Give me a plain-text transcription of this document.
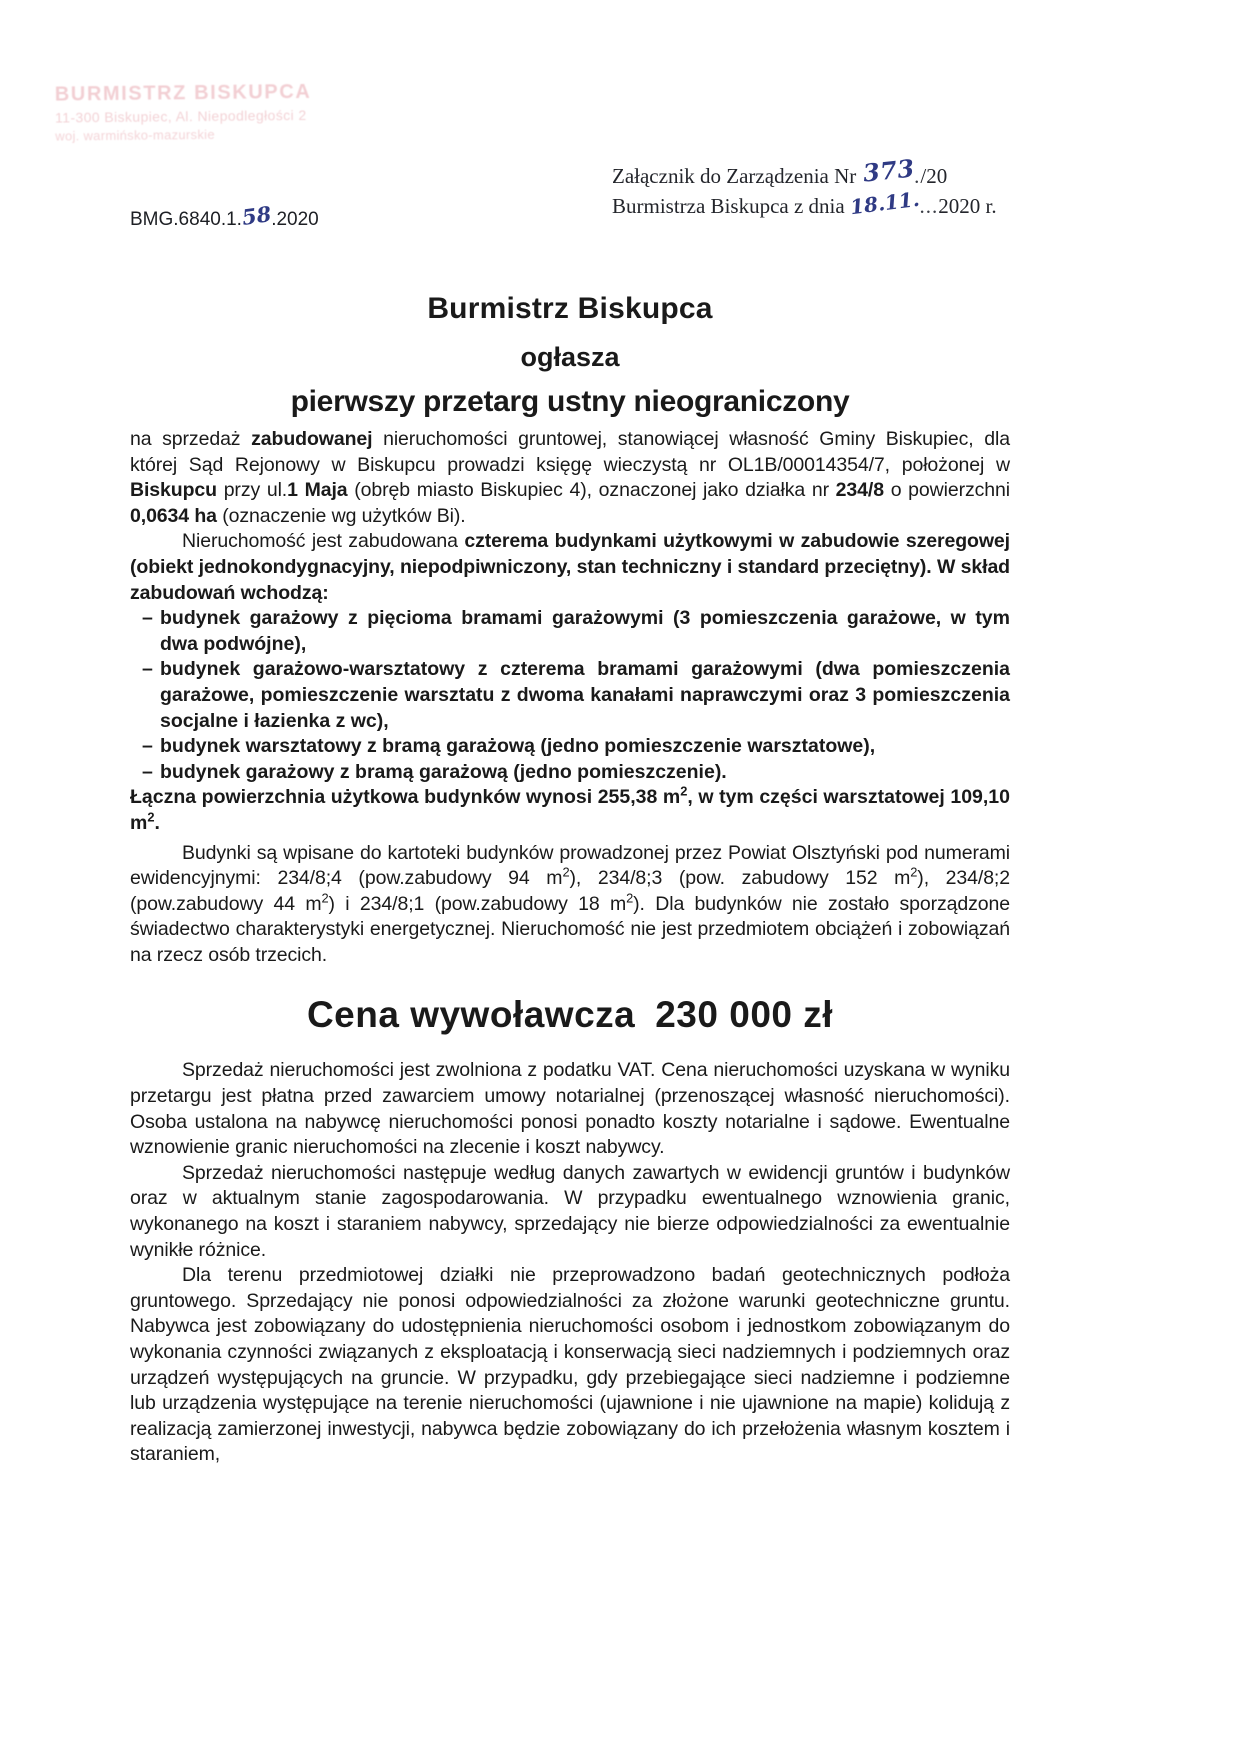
BURMISTRZ BISKUPCA
11-300 Biskupiec, Al. Niepodległości 2
woj. warmińsko-mazurskie
Załącznik do Zarządzenia Nr 373./20
Burmistrza Biskupca z dnia 18.11....2020 r.
BMG.6840.1.58.2020
Burmistrz Biskupca
ogłasza
pierwszy przetarg ustny nieograniczony

na sprzedaż zabudowanej nieruchomości gruntowej, stanowiącej własność Gminy Biskupiec, dla której Sąd Rejonowy w Biskupcu prowadzi księgę wieczystą nr OL1B/00014354/7, położonej w Biskupcu przy ul.1 Maja (obręb miasto Biskupiec 4), oznaczonej jako działka nr 234/8 o powierzchni 0,0634 ha (oznaczenie wg użytków Bi).

Nieruchomość jest zabudowana czterema budynkami użytkowymi w zabudowie szeregowej (obiekt jednokondygnacyjny, niepodpiwniczony, stan techniczny i standard przeciętny). W skład zabudowań wchodzą:

– budynek garażowy z pięcioma bramami garażowymi (3 pomieszczenia garażowe, w tym dwa podwójne),
– budynek garażowo-warsztatowy z czterema bramami garażowymi (dwa pomieszczenia garażowe, pomieszczenie warsztatu z dwoma kanałami naprawczymi oraz 3 pomieszczenia socjalne i łazienka z wc),
– budynek warsztatowy z bramą garażową (jedno pomieszczenie warsztatowe),
– budynek garażowy z bramą garażową (jedno pomieszczenie).

Łączna powierzchnia użytkowa budynków wynosi 255,38 $m^2$, w tym części warsztatowej 109,10 $m^2$.

Budynki są wpisane do kartoteki budynków prowadzonej przez Powiat Olsztyński pod numerami ewidencyjnymi: 234/8;4 (pow.zabudowy 94 $m^2$), 234/8;3 (pow. zabudowy 152 $m^2$), 234/8;2 (pow.zabudowy 44 $m^2$) i 234/8;1 (pow.zabudowy 18 $m^2$). Dla budynków nie zostało sporządzone świadectwo charakterystyki energetycznej. Nieruchomość nie jest przedmiotem obciążeń i zobowiązań na rzecz osób trzecich.

Cena wywoławcza 230 000 zł

Sprzedaż nieruchomości jest zwolniona z podatku VAT. Cena nieruchomości uzyskana w wyniku przetargu jest płatna przed zawarciem umowy notarialnej (przenoszącej własność nieruchomości). Osoba ustalona na nabywcę nieruchomości ponosi ponadto koszty notarialne i sądowe. Ewentualne wznowienie granic nieruchomości na zlecenie i koszt nabywcy.

Sprzedaż nieruchomości następuje według danych zawartych w ewidencji gruntów i budynków oraz w aktualnym stanie zagospodarowania. W przypadku ewentualnego wznowienia granic, wykonanego na koszt i staraniem nabywcy, sprzedający nie bierze odpowiedzialności za ewentualnie wynikłe różnice.

Dla terenu przedmiotowej działki nie przeprowadzono badań geotechnicznych podłoża gruntowego. Sprzedający nie ponosi odpowiedzialności za złożone warunki geotechniczne gruntu. Nabywca jest zobowiązany do udostępnienia nieruchomości osobom i jednostkom zobowiązanym do wykonania czynności związanych z eksploatacją i konserwacją sieci nadziemnych i podziemnych oraz urządzeń występujących na gruncie. W przypadku, gdy przebiegające sieci nadziemne i podziemne lub urządzenia występujące na terenie nieruchomości (ujawnione i nie ujawnione na mapie) kolidują z realizacją zamierzonej inwestycji, nabywca będzie zobowiązany do ich przełożenia własnym kosztem i staraniem,
